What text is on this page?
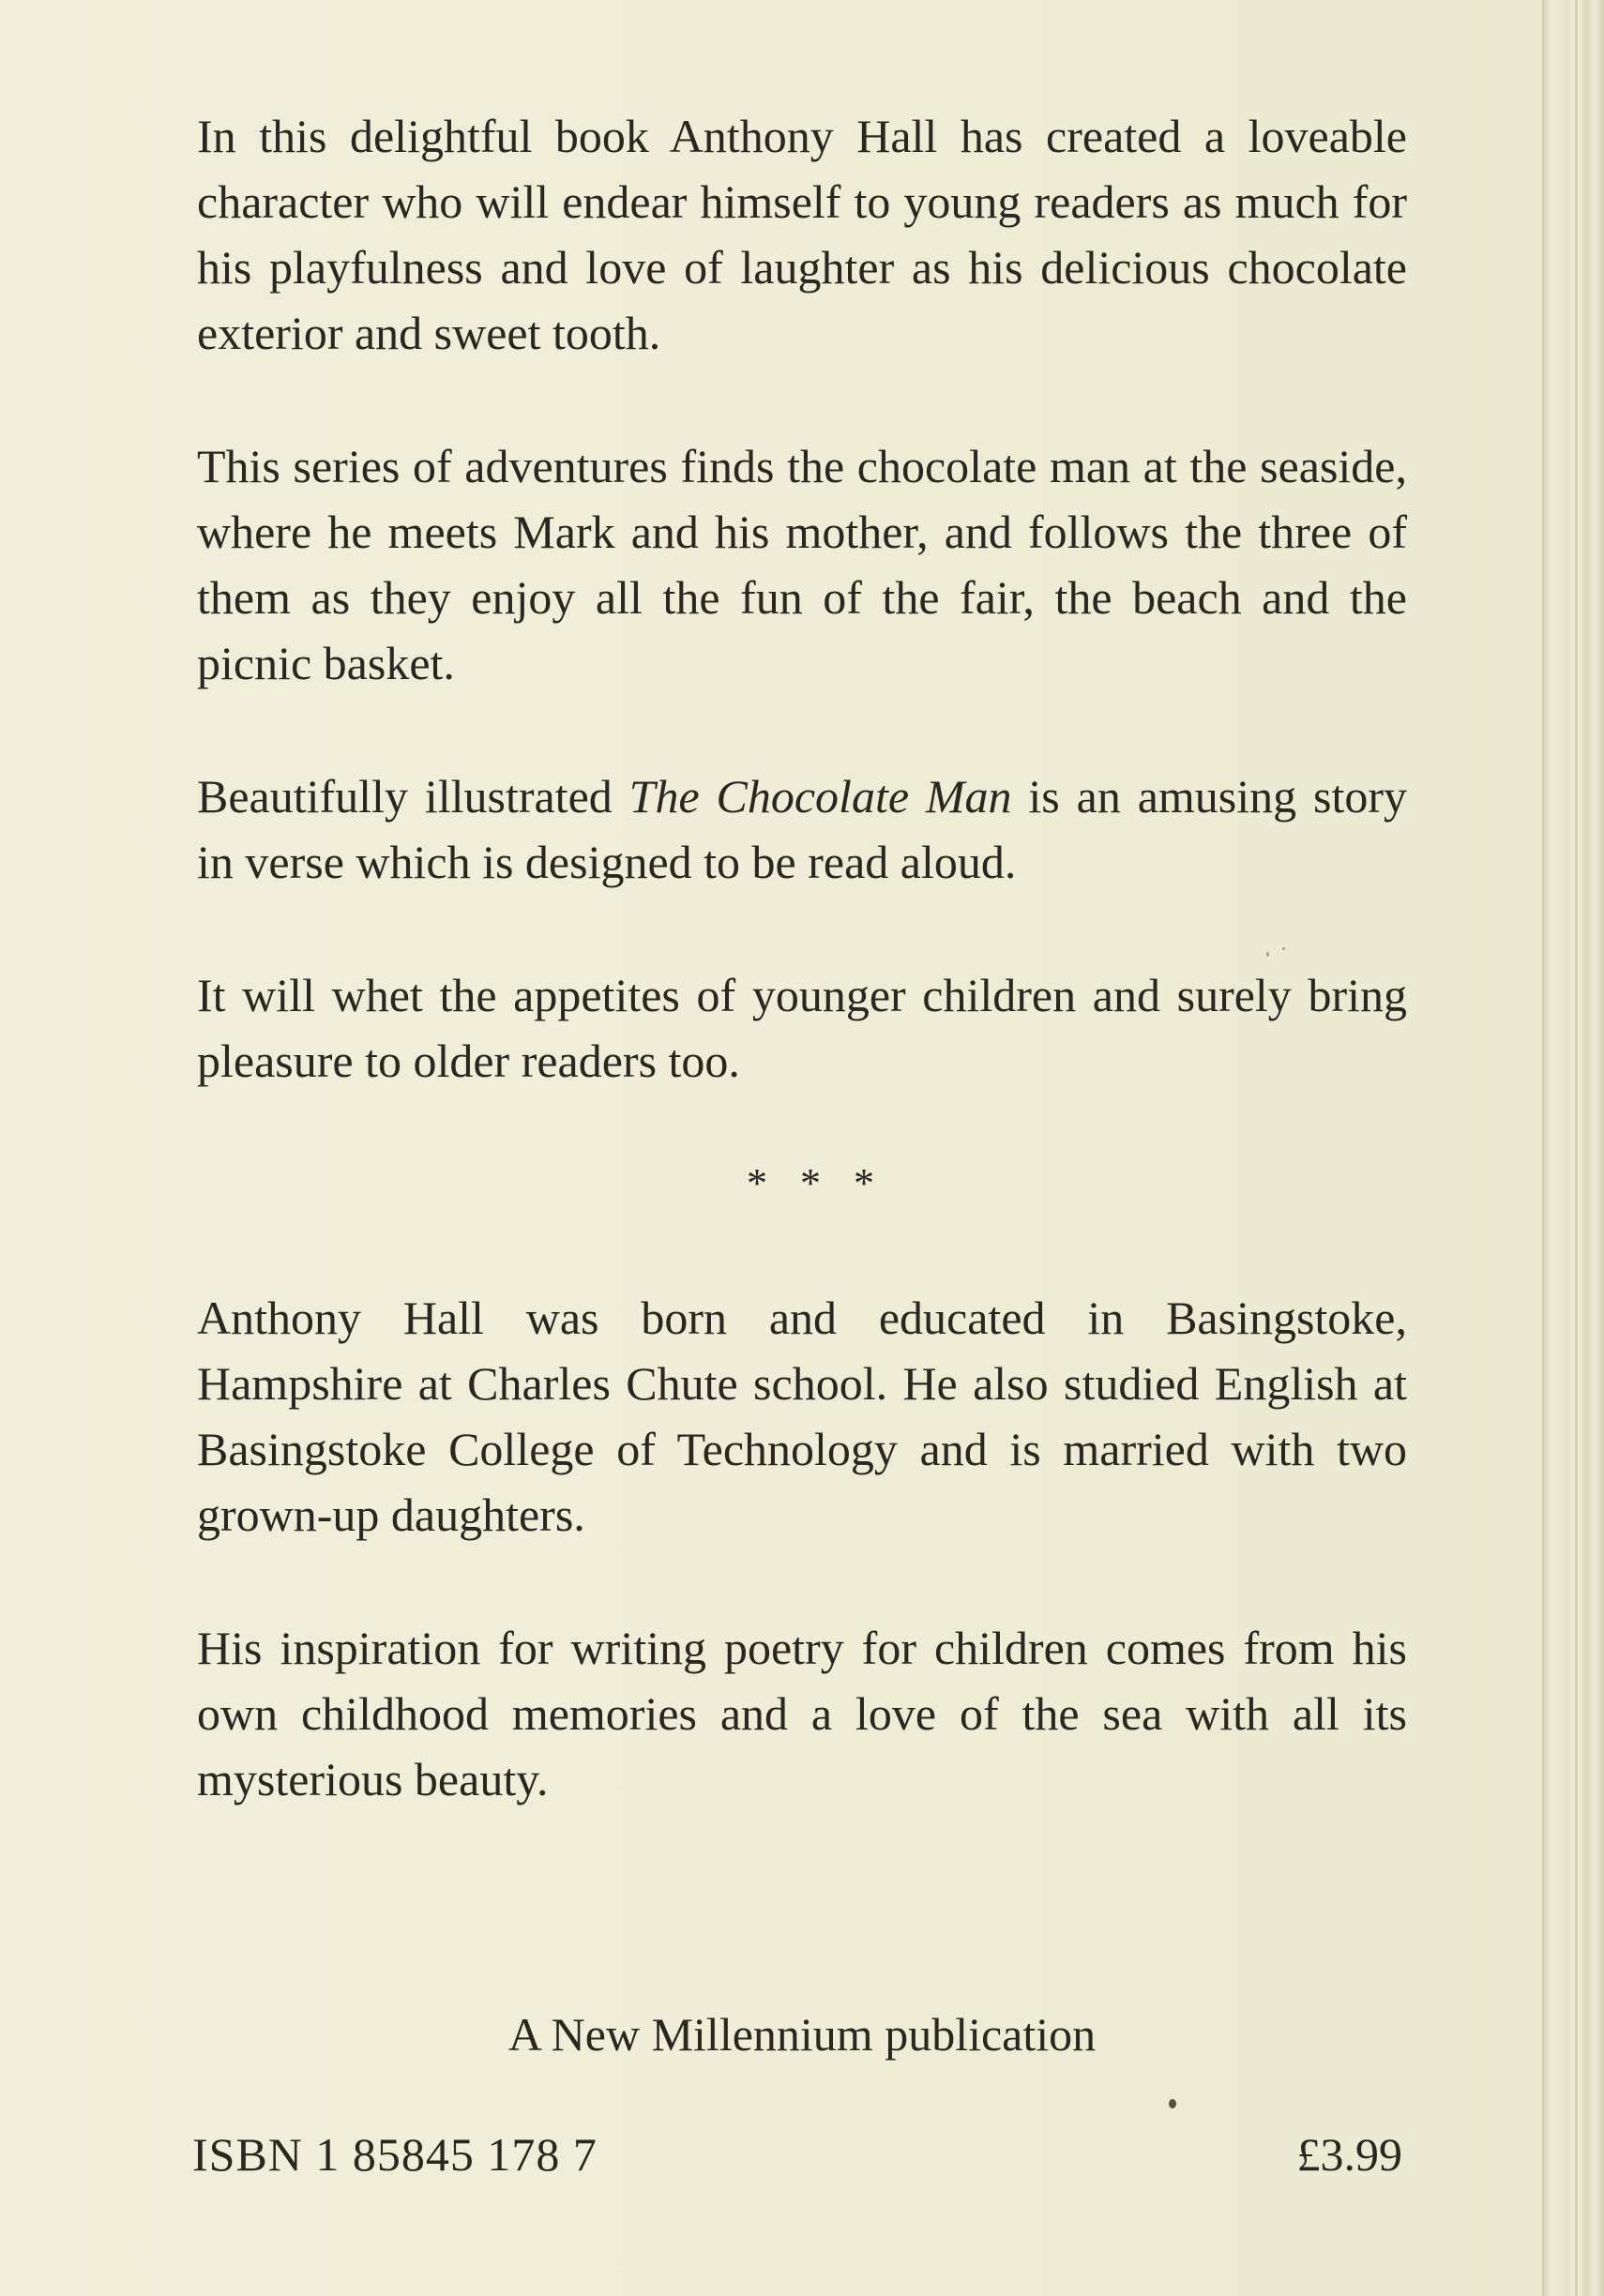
In this delightful book Anthony Hall has created a loveable character who will endear himself to young readers as much for his playfulness and love of laughter as his delicious chocolate exterior and sweet tooth.

This series of adventures finds the chocolate man at the seaside, where he meets Mark and his mother, and follows the three of them as they enjoy all the fun of the fair, the beach and the picnic basket.

Beautifully illustrated The Chocolate Man is an amusing story in verse which is designed to be read aloud.

It will whet the appetites of younger children and surely bring pleasure to older readers too.

* * *

Anthony Hall was born and educated in Basingstoke, Hampshire at Charles Chute school. He also studied English at Basingstoke College of Technology and is married with two grown-up daughters.

His inspiration for writing poetry for children comes from his own childhood memories and a love of the sea with all its mysterious beauty.

A New Millennium publication
ISBN 1 85845 178 7	£3.99
